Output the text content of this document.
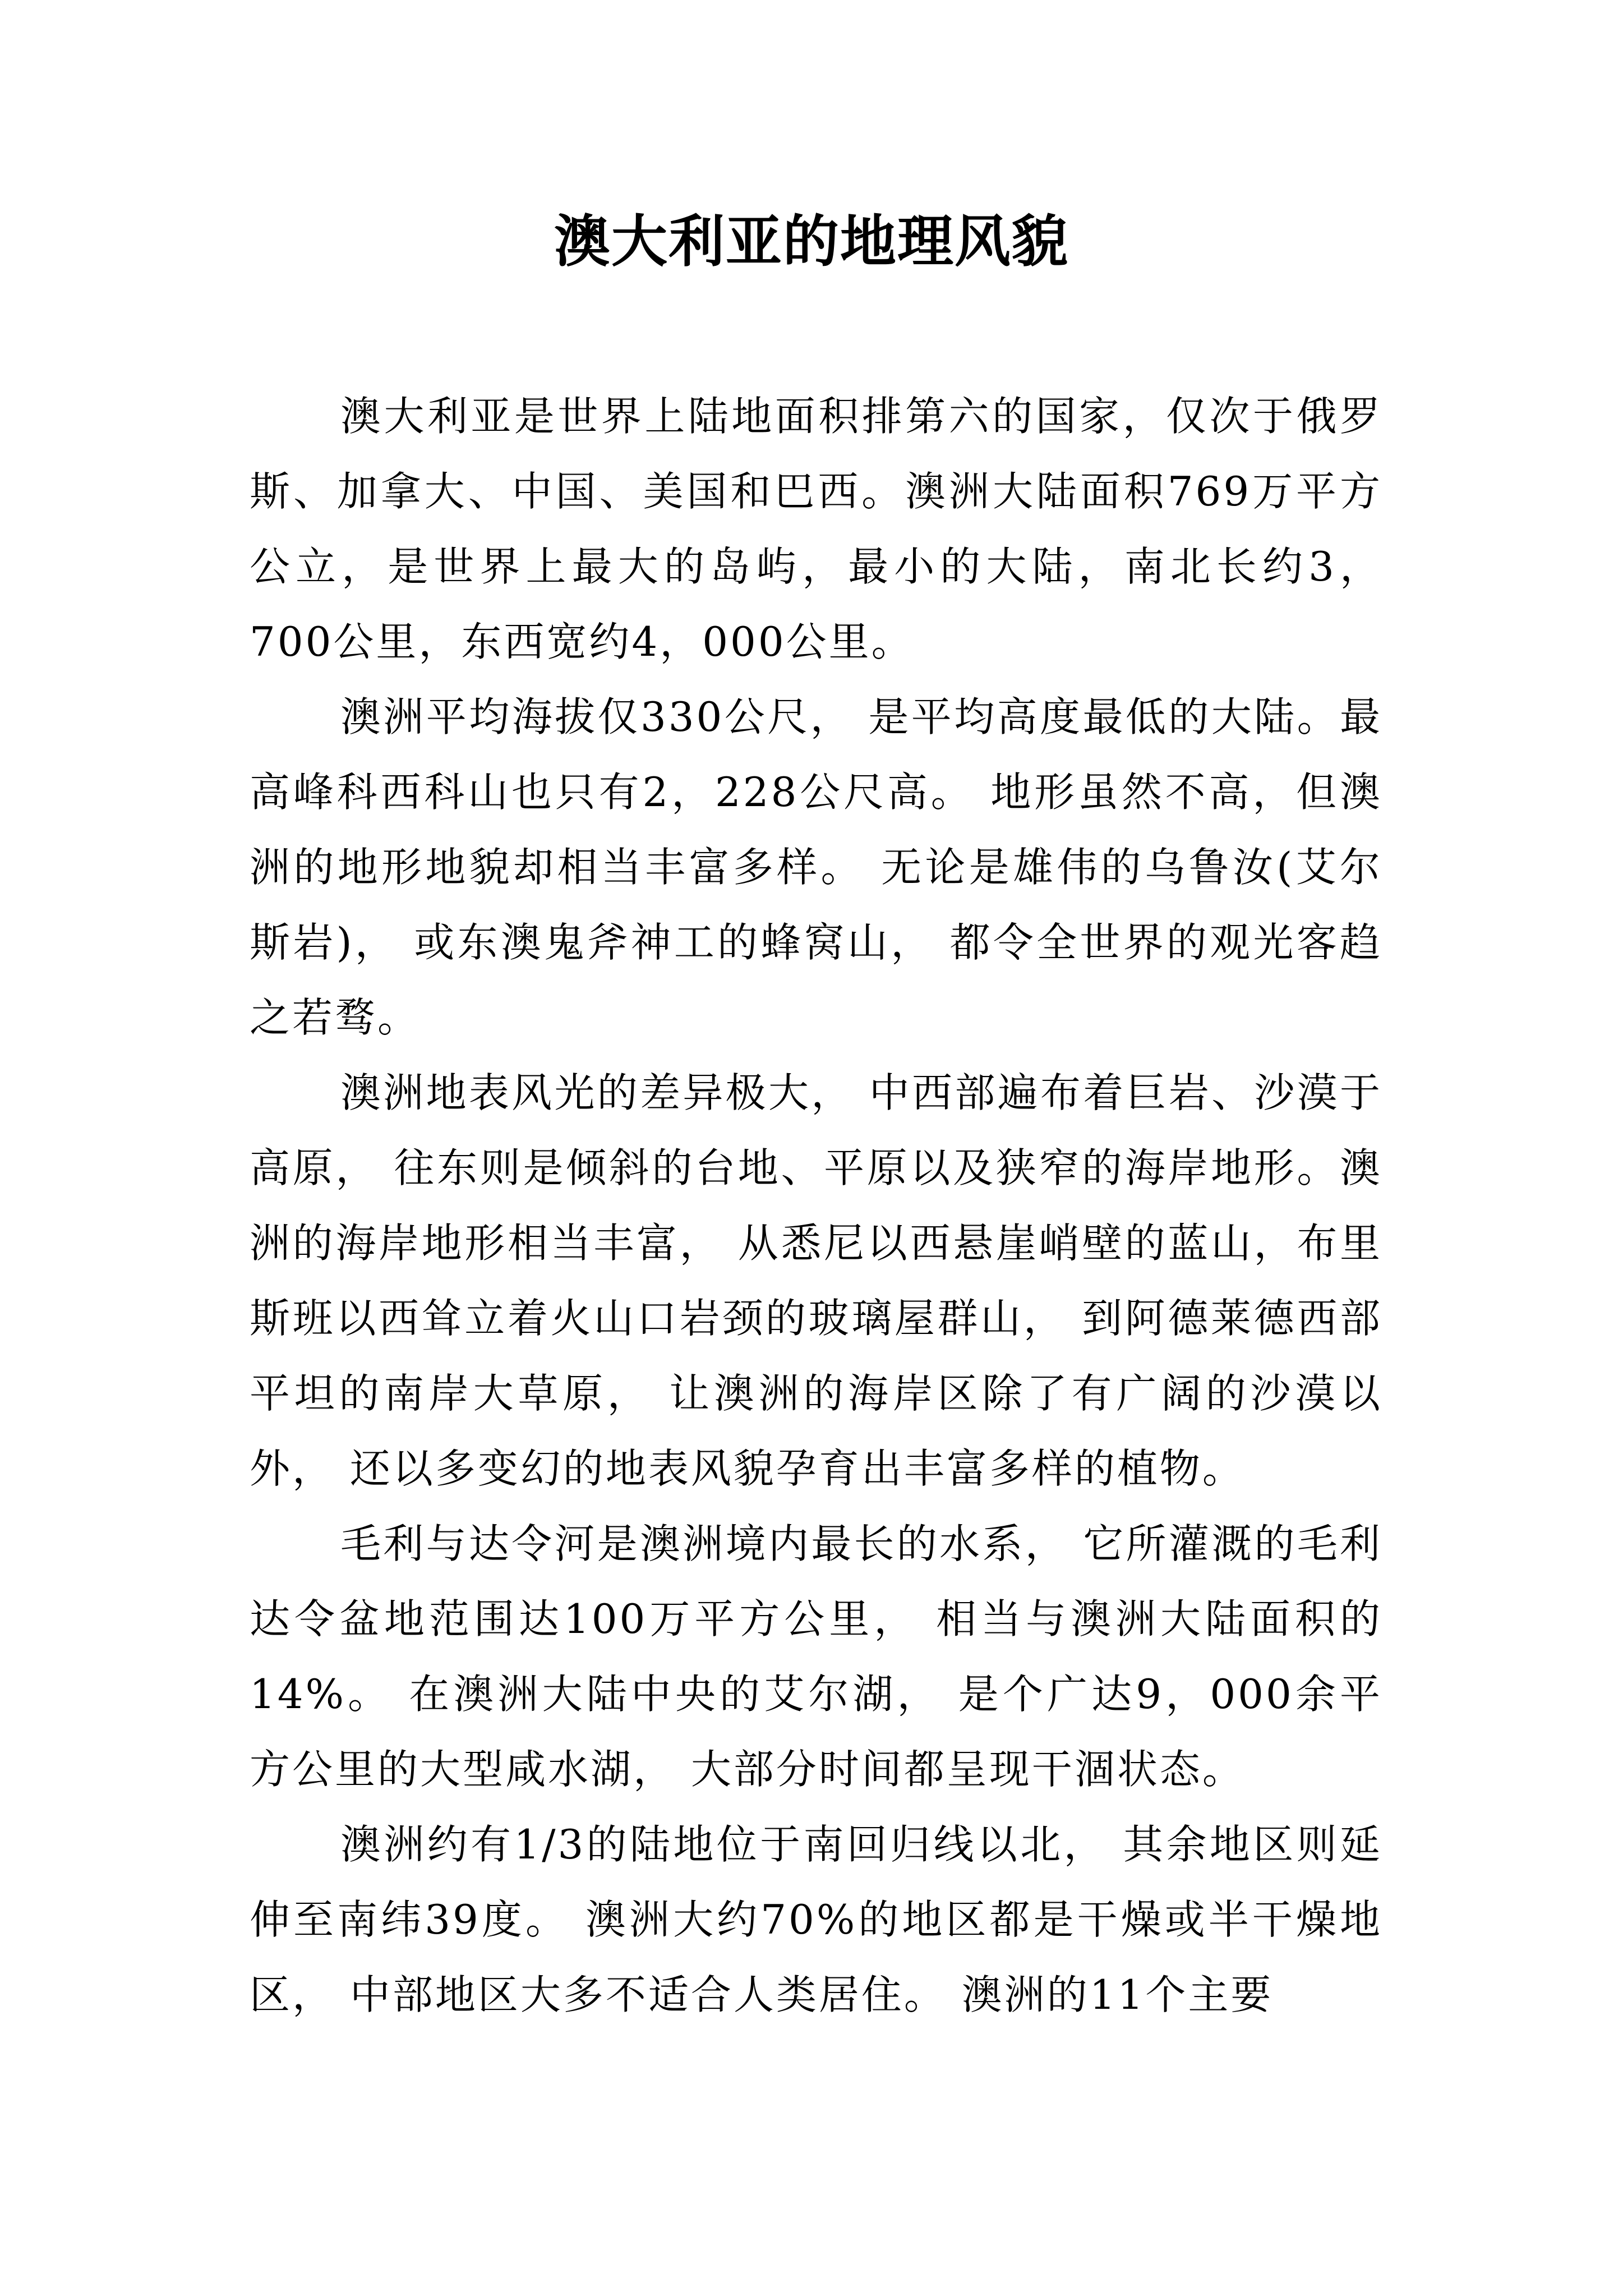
澳大利亚的地理风貌

澳大利亚是世界上陆地面积排第六的国家，仅次于俄罗斯、加拿大、中国、美国和巴西。澳洲大陆面积769万平方公立，是世界上最大的岛屿，最小的大陆，南北长约3，700公里，东西宽约4，000公里。

澳洲平均海拔仅330公尺， 是平均高度最低的大陆。最高峰科西科山也只有2，228公尺高。 地形虽然不高，但澳洲的地形地貌却相当丰富多样。 无论是雄伟的乌鲁汝(艾尔斯岩)， 或东澳鬼斧神工的蜂窝山， 都令全世界的观光客趋之若骛。

澳洲地表风光的差异极大， 中西部遍布着巨岩、沙漠于高原， 往东则是倾斜的台地、平原以及狭窄的海岸地形。澳洲的海岸地形相当丰富， 从悉尼以西悬崖峭壁的蓝山，布里斯班以西耸立着火山口岩颈的玻璃屋群山， 到阿德莱德西部平坦的南岸大草原， 让澳洲的海岸区除了有广阔的沙漠以外， 还以多变幻的地表风貌孕育出丰富多样的植物。

毛利与达令河是澳洲境内最长的水系， 它所灌溉的毛利达令盆地范围达100万平方公里， 相当与澳洲大陆面积的14%。 在澳洲大陆中央的艾尔湖， 是个广达9，000余平方公里的大型咸水湖， 大部分时间都呈现干涸状态。

澳洲约有1/3的陆地位于南回归线以北， 其余地区则延伸至南纬39度。 澳洲大约70%的地区都是干燥或半干燥地区， 中部地区大多不适合人类居住。 澳洲的11个主要
